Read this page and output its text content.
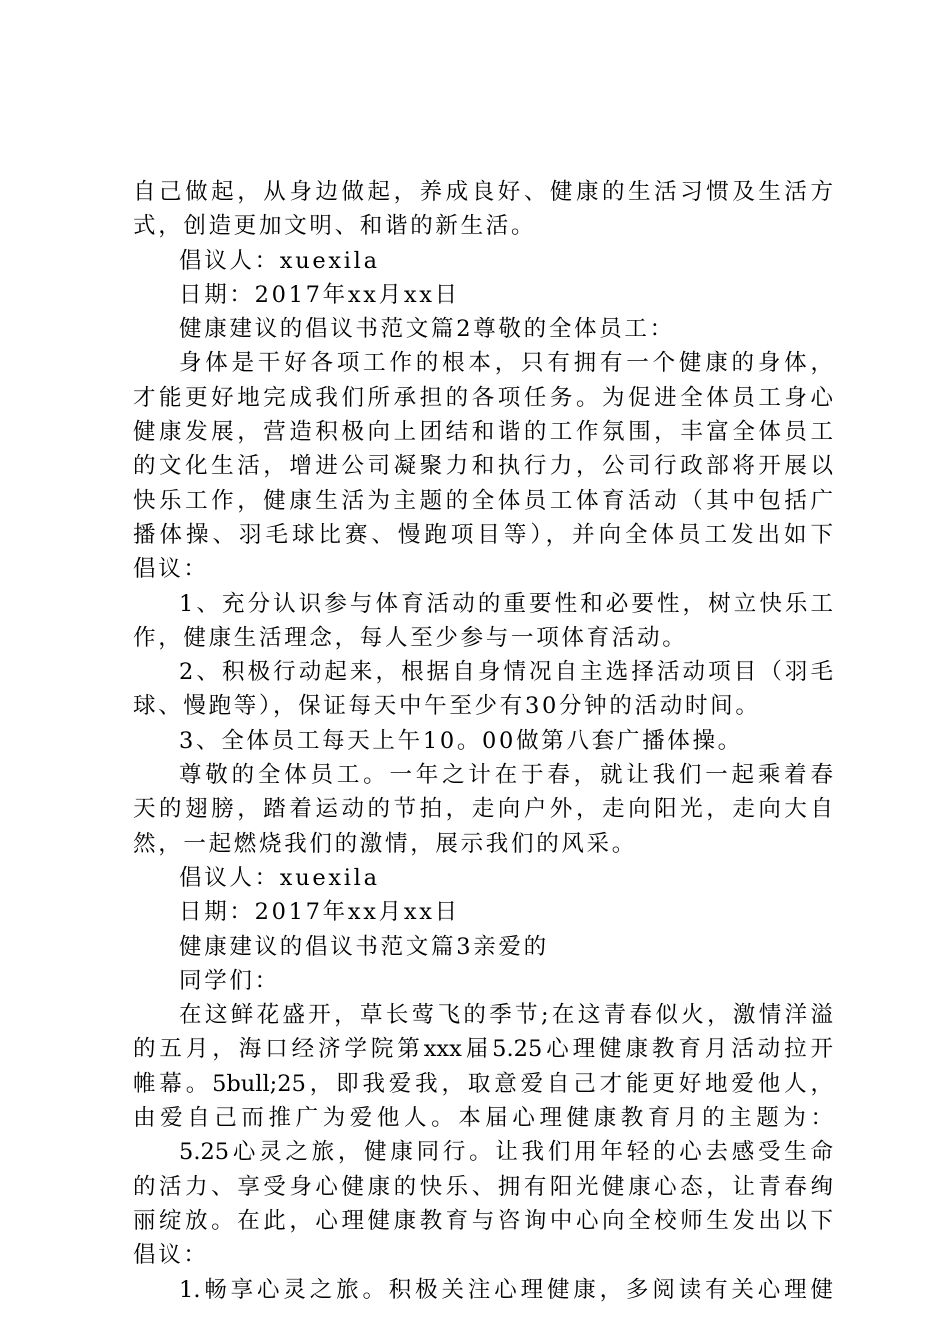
自己做起，从身边做起，养成良好、健康的生活习惯及生活方
式，创造更加文明、和谐的新生活。
倡议人：xuexila
日期：2017年xx月xx日
健康建议的倡议书范文篇2尊敬的全体员工：
身体是干好各项工作的根本，只有拥有一个健康的身体，
才能更好地完成我们所承担的各项任务。为促进全体员工身心
健康发展，营造积极向上团结和谐的工作氛围，丰富全体员工
的文化生活，增进公司凝聚力和执行力，公司行政部将开展以
快乐工作，健康生活为主题的全体员工体育活动（其中包括广
播体操、羽毛球比赛、慢跑项目等），并向全体员工发出如下
倡议：
1、充分认识参与体育活动的重要性和必要性，树立快乐工
作，健康生活理念，每人至少参与一项体育活动。
2、积极行动起来，根据自身情况自主选择活动项目（羽毛
球、慢跑等），保证每天中午至少有30分钟的活动时间。
3、全体员工每天上午10。00做第八套广播体操。
尊敬的全体员工。一年之计在于春，就让我们一起乘着春
天的翅膀，踏着运动的节拍，走向户外，走向阳光，走向大自
然，一起燃烧我们的激情，展示我们的风采。
倡议人：xuexila
日期：2017年xx月xx日
健康建议的倡议书范文篇3亲爱的
同学们：
在这鲜花盛开，草长莺飞的季节;在这青春似火，激情洋溢
的五月，海口经济学院第xxx届5.25心理健康教育月活动拉开
帷幕。5bull;25，即我爱我，取意爱自己才能更好地爱他人，
由爱自己而推广为爱他人。本届心理健康教育月的主题为：
5.25心灵之旅，健康同行。让我们用年轻的心去感受生命
的活力、享受身心健康的快乐、拥有阳光健康心态，让青春绚
丽绽放。在此，心理健康教育与咨询中心向全校师生发出以下
倡议：
1.畅享心灵之旅。积极关注心理健康，多阅读有关心理健
